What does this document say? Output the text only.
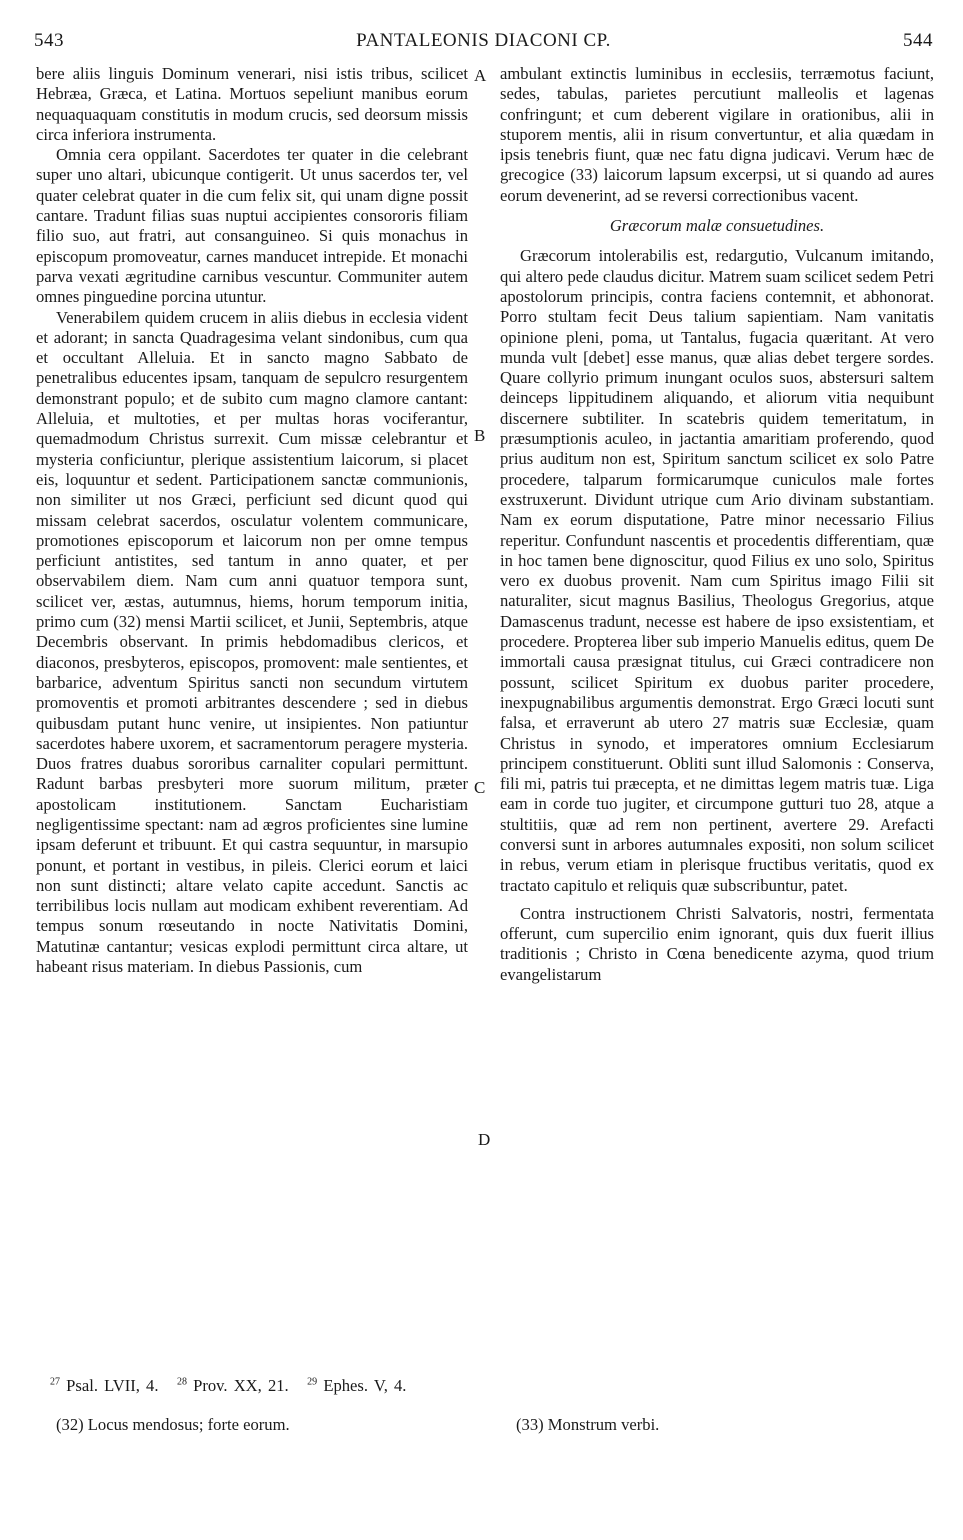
543	PANTALEONIS DIACONI CP.	544

bere aliis linguis Dominum venerari, nisi istis tribus, scilicet Hebræa, Græca, et Latina. Mortuos sepeliunt manibus eorum nequaquaquam constitutis in modum crucis, sed deorsum missis circa inferiora instrumenta.

Omnia cera oppilant. Sacerdotes ter quater in die celebrant super uno altari, ubicunque contigerit. Ut unus sacerdos ter, vel quater celebrat quater in die cum felix sit, qui unam digne possit cantare. Tradunt filias suas nuptui accipientes consororis filiam filio suo, aut fratri, aut consanguineo. Si quis monachus in episcopum promoveatur, carnes manducet intrepide. Et monachi parva vexati ægritudine carnibus vescuntur. Communiter autem omnes pinguedine porcina utuntur.

Venerabilem quidem crucem in aliis diebus in ecclesia vident et adorant; in sancta Quadragesima velant sindonibus, cum qua et occultant Alleluia. Et in sancto magno Sabbato de penetralibus educentes ipsam, tanquam de sepulcro resurgentem demonstrant populo; et de subito cum magno clamore cantant: Alleluia, et multoties, et per multas horas vociferantur, quemadmodum Christus surrexit. Cum missæ celebrantur et mysteria conficiuntur, plerique assistentium laicorum, si placet eis, loquuntur et sedent. Participationem sanctæ communionis, non similiter ut nos Græci, perficiunt sed dicunt quod qui missam celebrat sacerdos, osculatur volentem communicare, promotiones episcoporum et laicorum non per omne tempus perficiunt antistites, sed tantum in anno quater, et per observabilem diem. Nam cum anni quatuor tempora sunt, scilicet ver, æstas, autumnus, hiems, horum temporum initia, primo cum (32) mensi Martii scilicet, et Junii, Septembris, atque Decembris observant. In primis hebdomadibus clericos, et diaconos, presbyteros, episcopos, promovent: male sentientes, et barbarice, adventum Spiritus sancti non secundum virtutem promoventis et promoti arbitrantes descendere ; sed in diebus quibusdam putant hunc venire, ut insipientes. Non patiuntur sacerdotes habere uxorem, et sacramentorum peragere mysteria. Duos fratres duabus sororibus carnaliter copulari permittunt. Radunt barbas presbyteri more suorum militum, præter apostolicam institutionem. Sanctam Eucharistiam negligentissime spectant: nam ad ægros proficientes sine lumine ipsam deferunt et tribuunt. Et qui castra sequuntur, in marsupio ponunt, et portant in vestibus, in pileis. Clerici eorum et laici non sunt distincti; altare velato capite accedunt. Sanctis ac terribilibus locis nullam aut modicam exhibent reverentiam. Ad tempus sonum rœseutando in nocte Nativitatis Domini, Matutinæ cantantur; vesicas explodi permittunt circa altare, ut habeant risus materiam. In diebus Passionis, cum

ambulant extinctis luminibus in ecclesiis, terræmotus faciunt, sedes, tabulas, parietes percutiunt malleolis et lagenas confringunt; et cum deberent vigilare in orationibus, alii in stuporem mentis, alii in risum convertuntur, et alia quædam in ipsis tenebris fiunt, quæ nec fatu digna judicavi. Verum hæc de grecogice (33) laicorum lapsum excerpsi, ut si quando ad aures eorum devenerint, ad se reversi correctionibus vacent.

Græcorum malæ consuetudines.

Græcorum intolerabilis est, redargutio, Vulcanum imitando, qui altero pede claudus dicitur. Matrem suam scilicet sedem Petri apostolorum principis, contra faciens contemnit, et abhonorat. Porro stultam fecit Deus talium sapientiam. Nam vanitatis opinione pleni, poma, ut Tantalus, fugacia quæritant. At vero munda vult [debet] esse manus, quæ alias debet tergere sordes. Quare collyrio primum inungant oculos suos, abstersuri saltem deinceps lippitudinem aliquando, et aliorum vitia nequibunt discernere subtiliter. In scatebris quidem temeritatum, in præsumptionis aculeo, in jactantia amaritiam proferendo, quod prius auditum non est, Spiritum sanctum scilicet ex solo Patre procedere, talparum formicarumque cuniculos male fortes exstruxerunt. Dividunt utrique cum Ario divinam substantiam. Nam ex eorum disputatione, Patre minor necessario Filius reperitur. Confundunt nascentis et procedentis differentiam, quæ in hoc tamen bene dignoscitur, quod Filius ex uno solo, Spiritus vero ex duobus provenit. Nam cum Spiritus imago Filii sit naturaliter, sicut magnus Basilius, Theologus Gregorius, atque Damascenus tradunt, necesse est habere de ipso exsistentiam, et procedere. Propterea liber sub imperio Manuelis editus, quem De immortali causa præsignat titulus, cui Græci contradicere non possunt, scilicet Spiritum ex duobus pariter procedere, inexpugnabilibus argumentis demonstrat. Ergo Græci locuti sunt falsa, et erraverunt ab utero 27 matris suæ Ecclesiæ, quam Christus in synodo, et imperatores omnium Ecclesiarum principem constituerunt. Obliti sunt illud Salomonis : Conserva, fili mi, patris tui præcepta, et ne dimittas legem matris tuæ. Liga eam in corde tuo jugiter, et circumpone gutturi tuo 28, atque a stultitiis, quæ ad rem non pertinent, avertere 29. Arefacti conversi sunt in arbores autumnales expositi, non solum scilicet in rebus, verum etiam in plerisque fructibus veritatis, quod ex tractato capitulo et reliquis quæ subscribuntur, patet.

Contra instructionem Christi Salvatoris, nostri, fermentata offerunt, cum supercilio enim ignorant, quis dux fuerit illius traditionis ; Christo in Cœna benedicente azyma, quod trium evangelistarum

A
B
C
D
$^{27}$ Psal. LVII, 4. $^{28}$ Prov. XX, 21. $^{29}$ Ephes. V, 4.
(32) Locus mendosus; forte eorum.	(33) Monstrum verbi.
